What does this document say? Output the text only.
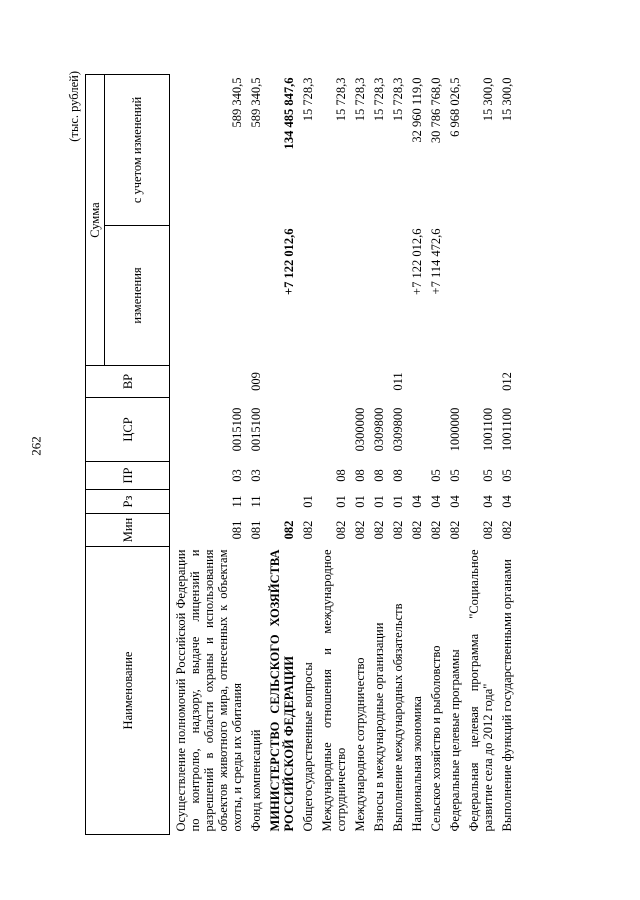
262
(тыс. рублей)
Наименование	Мин	Рз	ПР	ЦСР	ВР	Сумма	
						изменения	с учетом изменений
Осуществление полномочий Российской Федерации по контролю, надзору, выдаче лицензий и разрешений в области охраны и использования объектов животного мира, отнесенных к объектам охоты, и среды их обитания	081	11	03	0015100			589 340,5
Фонд компенсаций	081	11	03	0015100	009		589 340,5
МИНИСТЕРСТВО СЕЛЬСКОГО ХОЗЯЙСТВА РОССИЙСКОЙ ФЕДЕРАЦИИ	082					+7 122 012,6	134 485 847,6
Общегосударственные вопросы	082	01					15 728,3
Международные отношения и международное сотрудничество	082	01	08				15 728,3
Международное сотрудничество	082	01	08	0300000			15 728,3
Взносы в международные организации	082	01	08	0309800			15 728,3
Выполнение международных обязательств	082	01	08	0309800	011		15 728,3
Национальная экономика	082	04				+7 122 012,6	32 960 119,0
Сельское хозяйство и рыболовство	082	04	05			+7 114 472,6	30 786 768,0
Федеральные целевые программы	082	04	05	1000000			6 968 026,5
Федеральная целевая программа "Социальное развитие села до 2012 года"	082	04	05	1001100			15 300,0
Выполнение функций государственными органами	082	04	05	1001100	012		15 300,0
